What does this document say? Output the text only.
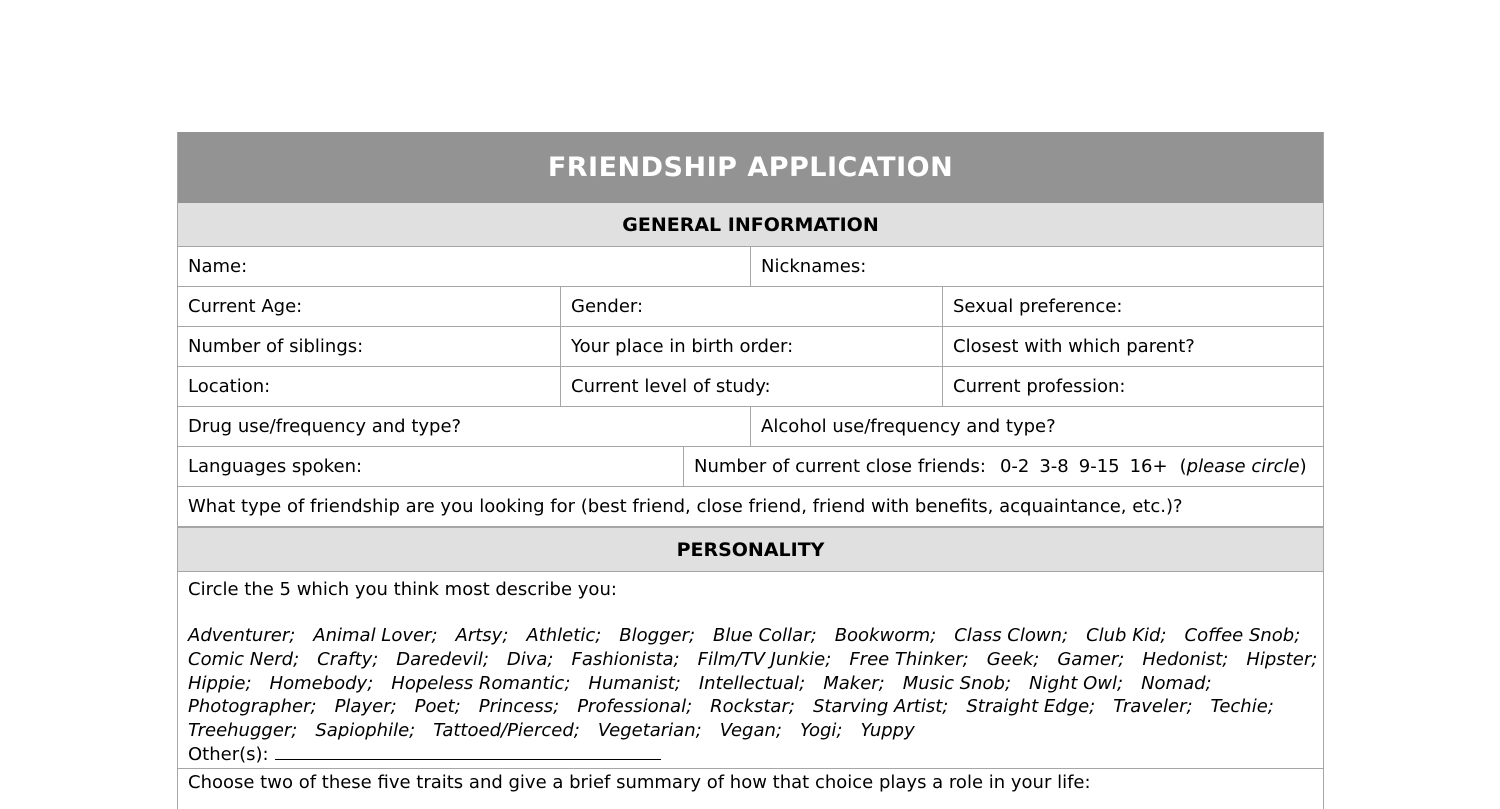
FRIENDSHIP APPLICATION
GENERAL INFORMATION
Name:	Nicknames:
Current Age:	Gender:	Sexual preference:
Number of siblings:	Your place in birth order:	Closest with which parent?
Location:	Current level of study:	Current profession:
Drug use/frequency and type?	Alcohol use/frequency and type?
Languages spoken:	Number of current close friends: 0-2 3-8 9-15 16+ (please circle)
What type of friendship are you looking for (best friend, close friend, friend with benefits, acquaintance, etc.)?
PERSONALITY
Circle the 5 which you think most describe you:
Adventurer; Animal Lover; Artsy; Athletic; Blogger; Blue Collar; Bookworm; Class Clown; Club Kid; Coffee Snob;
Comic Nerd; Crafty; Daredevil; Diva; Fashionista; Film/TV Junkie; Free Thinker; Geek; Gamer; Hedonist; Hipster;
Hippie; Homebody; Hopeless Romantic; Humanist; Intellectual; Maker; Music Snob; Night Owl; Nomad;
Photographer; Player; Poet; Princess; Professional; Rockstar; Starving Artist; Straight Edge; Traveler; Techie;
Treehugger; Sapiophile; Tattoed/Pierced; Vegetarian; Vegan; Yogi; Yuppy
Other(s):
Choose two of these five traits and give a brief summary of how that choice plays a role in your life:
